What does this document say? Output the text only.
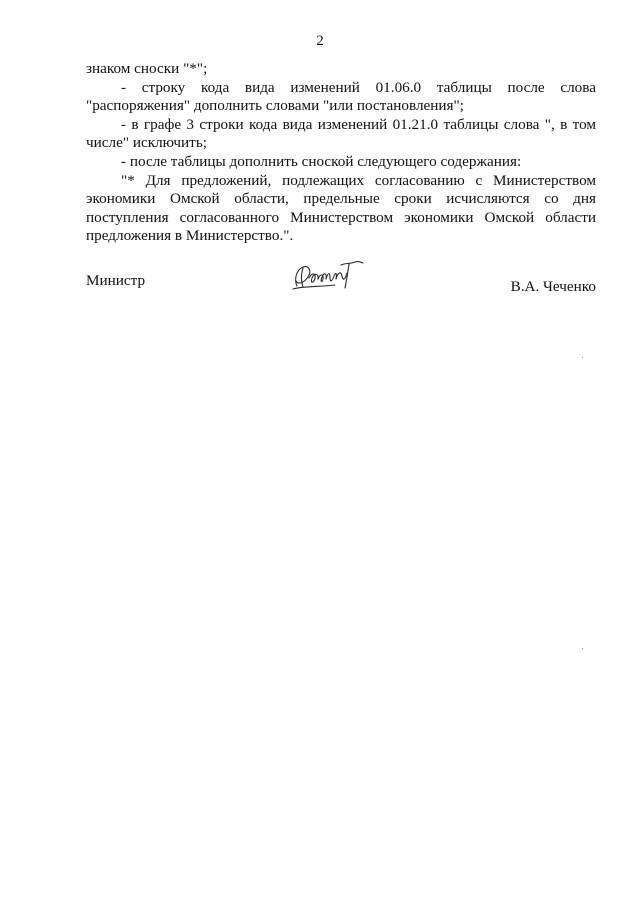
2
знаком сноски "*";
- строку кода вида изменений 01.06.0 таблицы после слова
"распоряжения" дополнить словами "или постановления";
- в графе 3 строки кода вида изменений 01.21.0 таблицы слова ", в том
числе" исключить;
- после таблицы дополнить сноской следующего содержания:
"* Для предложений, подлежащих согласованию с Министерством
экономики Омской области, предельные сроки исчисляются со дня
поступления согласованного Министерством экономики Омской области
предложения в Министерство.".
Министр	В.А. Чеченко
